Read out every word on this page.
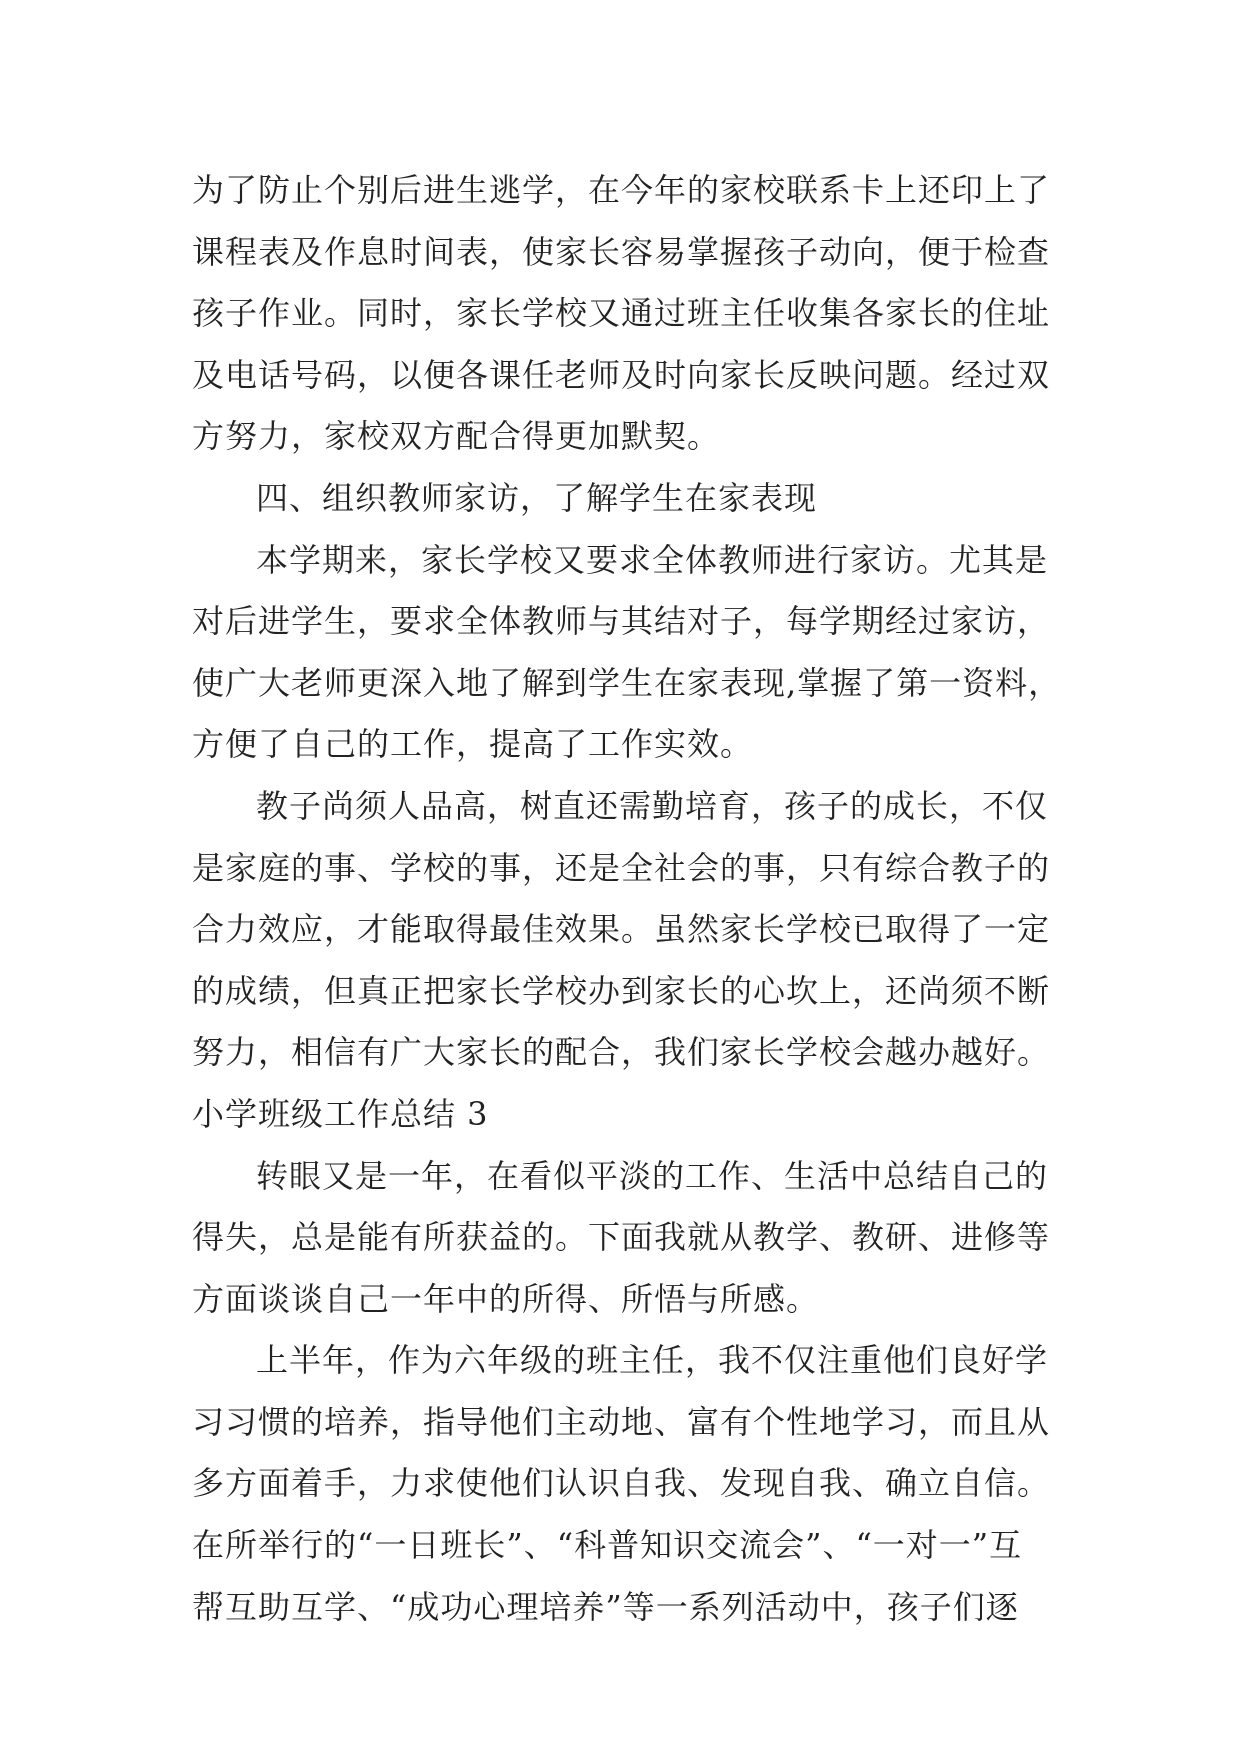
为了防止个别后进生逃学，在今年的家校联系卡上还印上了
课程表及作息时间表，使家长容易掌握孩子动向，便于检查
孩子作业。同时，家长学校又通过班主任收集各家长的住址
及电话号码，以便各课任老师及时向家长反映问题。经过双
方努力，家校双方配合得更加默契。
四、组织教师家访，了解学生在家表现
本学期来，家长学校又要求全体教师进行家访。尤其是
对后进学生，要求全体教师与其结对子，每学期经过家访，
使广大老师更深入地了解到学生在家表现,掌握了第一资料，
方便了自己的工作，提高了工作实效。
教子尚须人品高，树直还需勤培育，孩子的成长，不仅
是家庭的事、学校的事，还是全社会的事，只有综合教子的
合力效应，才能取得最佳效果。虽然家长学校已取得了一定
的成绩，但真正把家长学校办到家长的心坎上，还尚须不断
努力，相信有广大家长的配合，我们家长学校会越办越好。
小学班级工作总结 3
转眼又是一年，在看似平淡的工作、生活中总结自己的
得失，总是能有所获益的。下面我就从教学、教研、进修等
方面谈谈自己一年中的所得、所悟与所感。
上半年，作为六年级的班主任，我不仅注重他们良好学
习习惯的培养，指导他们主动地、富有个性地学习，而且从
多方面着手，力求使他们认识自我、发现自我、确立自信。
在所举行的“一日班长”、“科普知识交流会”、“一对一”互
帮互助互学、“成功心理培养”等一系列活动中，孩子们逐
